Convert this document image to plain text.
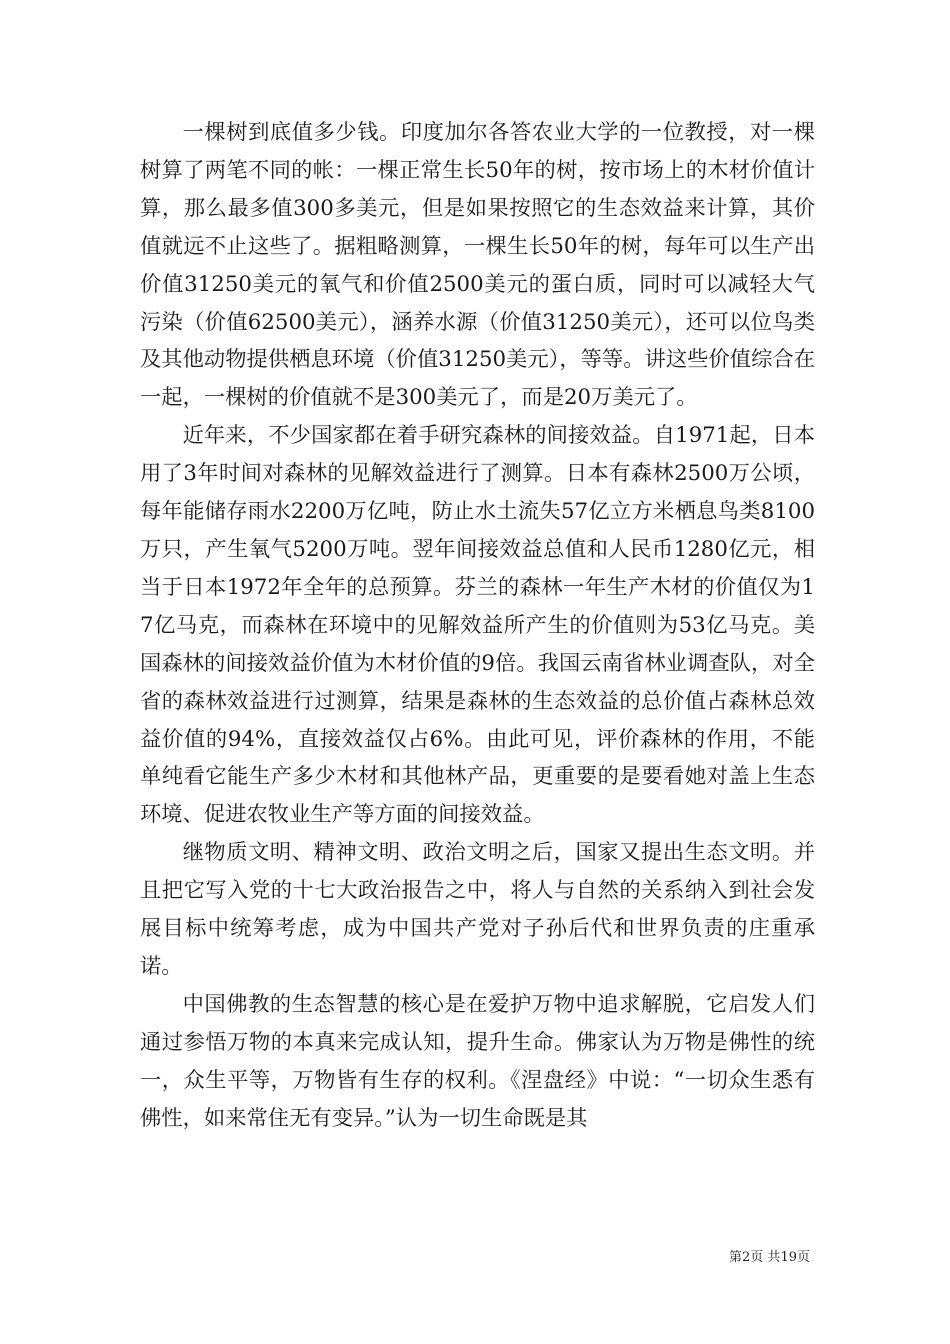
一棵树到底值多少钱。印度加尔各答农业大学的一位教授，对一棵树算了两笔不同的帐：一棵正常生长50年的树，按市场上的木材价值计算，那么最多值300多美元，但是如果按照它的生态效益来计算，其价值就远不止这些了。据粗略测算，一棵生长50年的树，每年可以生产出价值31250美元的氧气和价值2500美元的蛋白质，同时可以减轻大气污染（价值62500美元），涵养水源（价值31250美元），还可以位鸟类及其他动物提供栖息环境（价值31250美元），等等。讲这些价值综合在一起，一棵树的价值就不是300美元了，而是20万美元了。

近年来，不少国家都在着手研究森林的间接效益。自1971起，日本用了3年时间对森林的见解效益进行了测算。日本有森林2500万公顷，每年能储存雨水2200万亿吨，防止水土流失57亿立方米栖息鸟类8100万只，产生氧气5200万吨。翌年间接效益总值和人民币1280亿元，相当于日本1972年全年的总预算。芬兰的森林一年生产木材的价值仅为17亿马克，而森林在环境中的见解效益所产生的价值则为53亿马克。美国森林的间接效益价值为木材价值的9倍。我国云南省林业调查队，对全省的森林效益进行过测算，结果是森林的生态效益的总价值占森林总效益价值的94%，直接效益仅占6%。由此可见，评价森林的作用，不能单纯看它能生产多少木材和其他林产品，更重要的是要看她对盖上生态环境、促进农牧业生产等方面的间接效益。

继物质文明、精神文明、政治文明之后，国家又提出生态文明。并且把它写入党的十七大政治报告之中，将人与自然的关系纳入到社会发展目标中统筹考虑，成为中国共产党对子孙后代和世界负责的庄重承诺。

中国佛教的生态智慧的核心是在爱护万物中追求解脱，它启发人们通过参悟万物的本真来完成认知，提升生命。佛家认为万物是佛性的统一，众生平等，万物皆有生存的权利。《涅盘经》中说：“一切众生悉有佛性，如来常住无有变异。”认为一切生命既是其

第2页 共19页
